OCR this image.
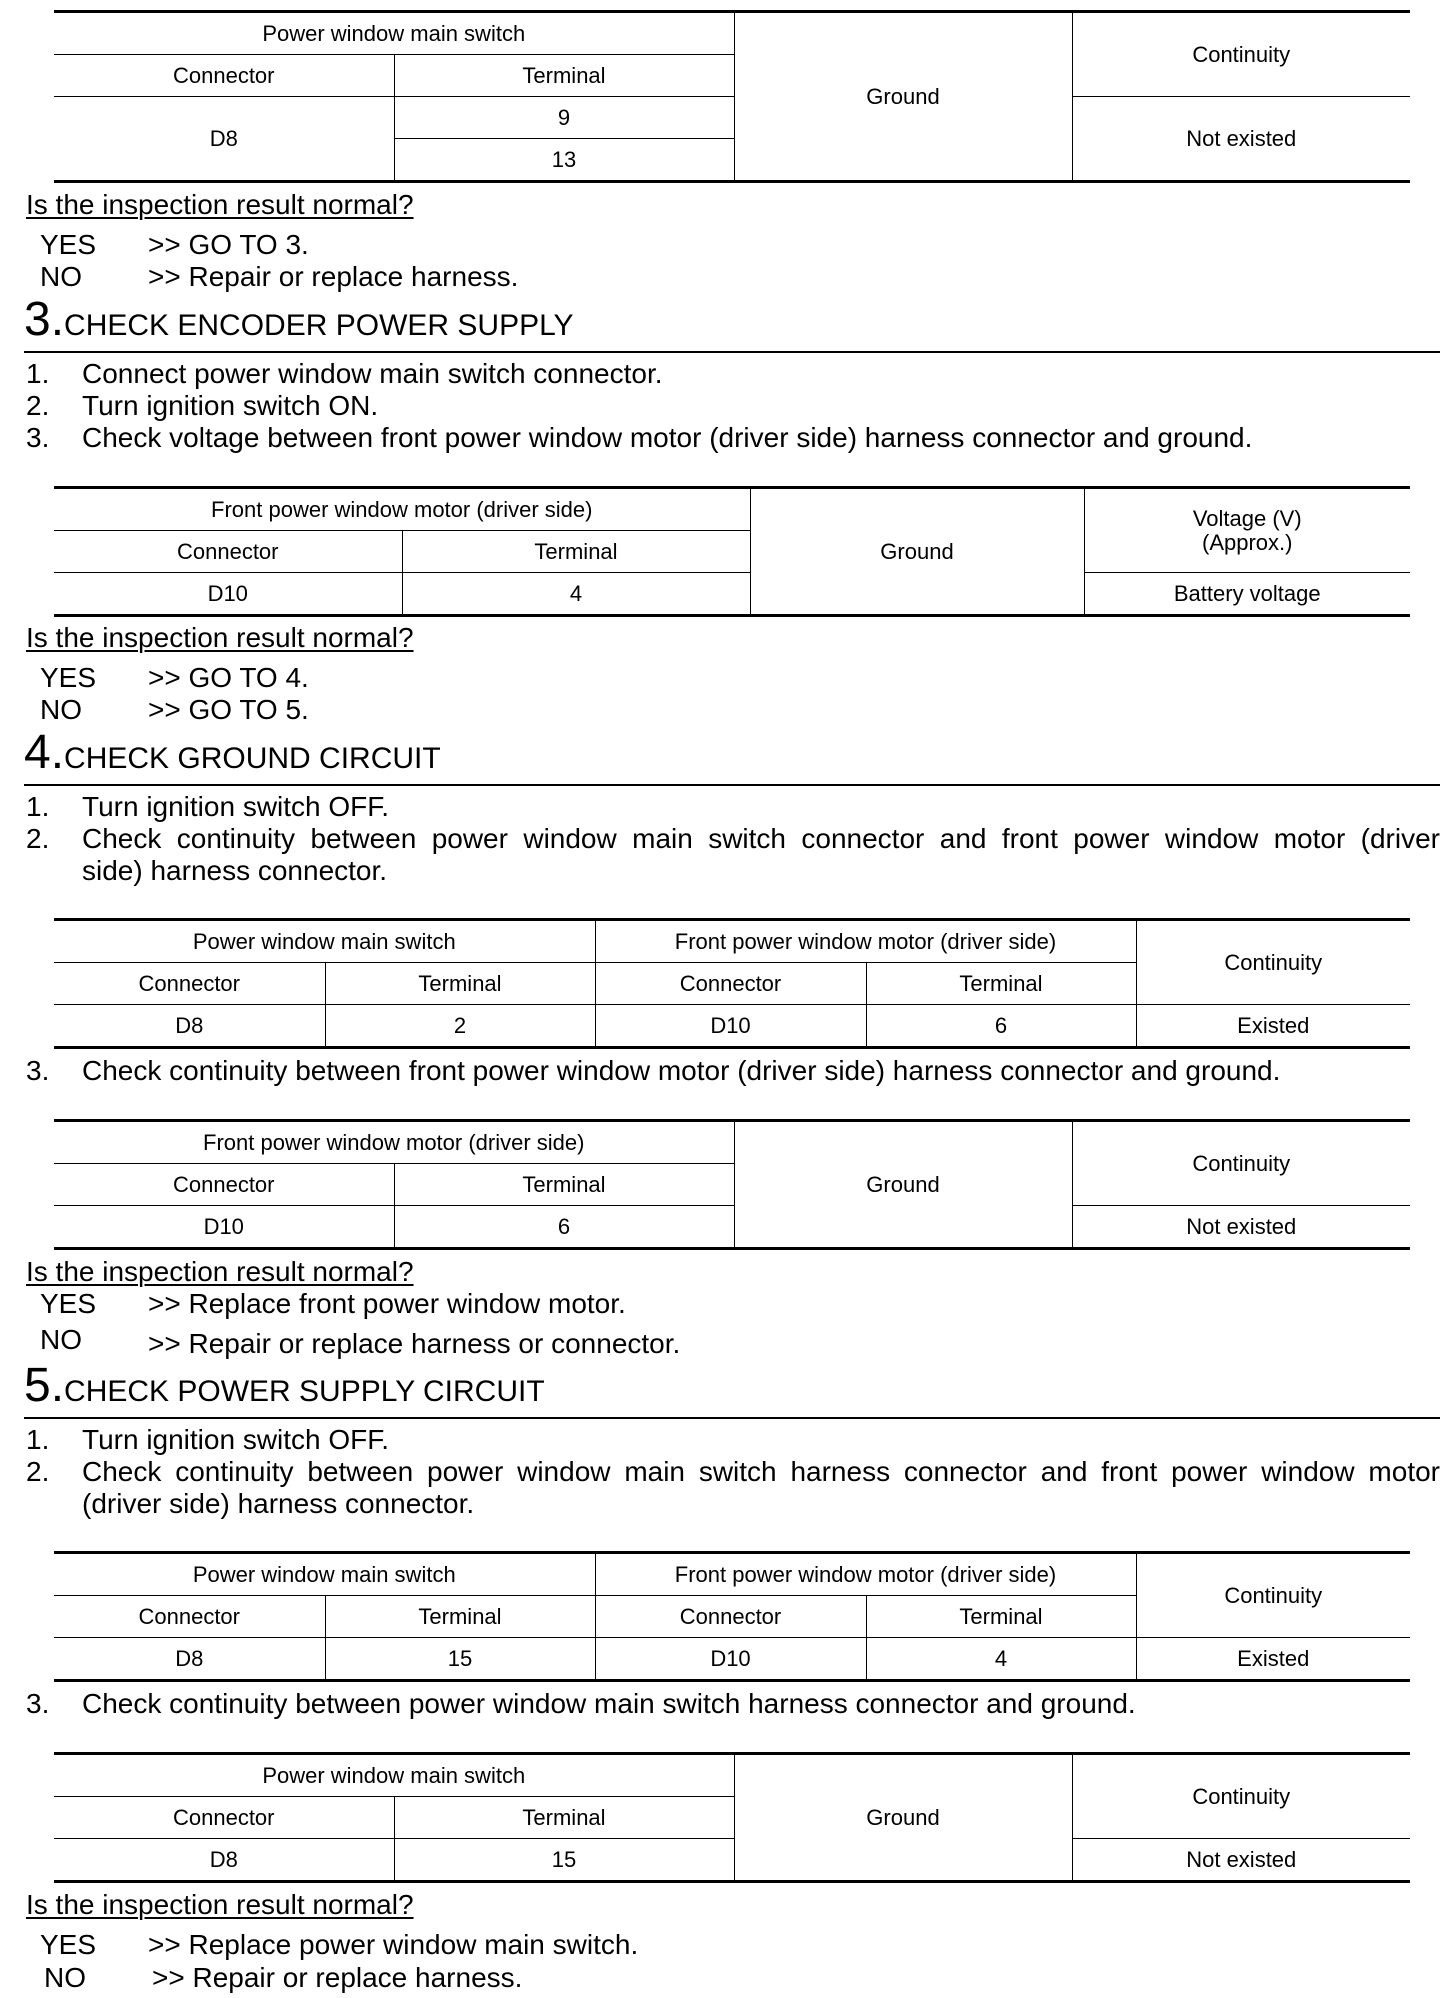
Power window main switch		Ground	Continuity
Connector	Terminal		
D8	9		Not existed
	13		
Is the inspection result normal?
YES >> GO TO 3.
NO >> Repair or replace harness.
3.CHECK ENCODER POWER SUPPLY
1. Connect power window main switch connector.
2. Turn ignition switch ON.
3. Check voltage between front power window motor (driver side) harness connector and ground.
Front power window motor (driver side)		Ground	Voltage (V)
(Approx.)
Connector	Terminal		
D10	4		Battery voltage
Is the inspection result normal?
YES >> GO TO 4.
NO >> GO TO 5.
4.CHECK GROUND CIRCUIT
1. Turn ignition switch OFF.
2. Check continuity between power window main switch connector and front power window motor (driver
side) harness connector.
Power window main switch		Front power window motor (driver side)		Continuity
Connector	Terminal	Connector	Terminal	
D8	2	D10	6	Existed
3. Check continuity between front power window motor (driver side) harness connector and ground.
Front power window motor (driver side)		Ground	Continuity
Connector	Terminal		
D10	6		Not existed
Is the inspection result normal?
YES >> Replace front power window motor.
NO >> Repair or replace harness or connector.
5.CHECK POWER SUPPLY CIRCUIT
1. Turn ignition switch OFF.
2. Check continuity between power window main switch harness connector and front power window motor
(driver side) harness connector.
Power window main switch		Front power window motor (driver side)		Continuity
Connector	Terminal	Connector	Terminal	
D8	15	D10	4	Existed
3. Check continuity between power window main switch harness connector and ground.
Power window main switch		Ground	Continuity
Connector	Terminal		
D8	15		Not existed
Is the inspection result normal?
YES >> Replace power window main switch.
NO >> Repair or replace harness.
